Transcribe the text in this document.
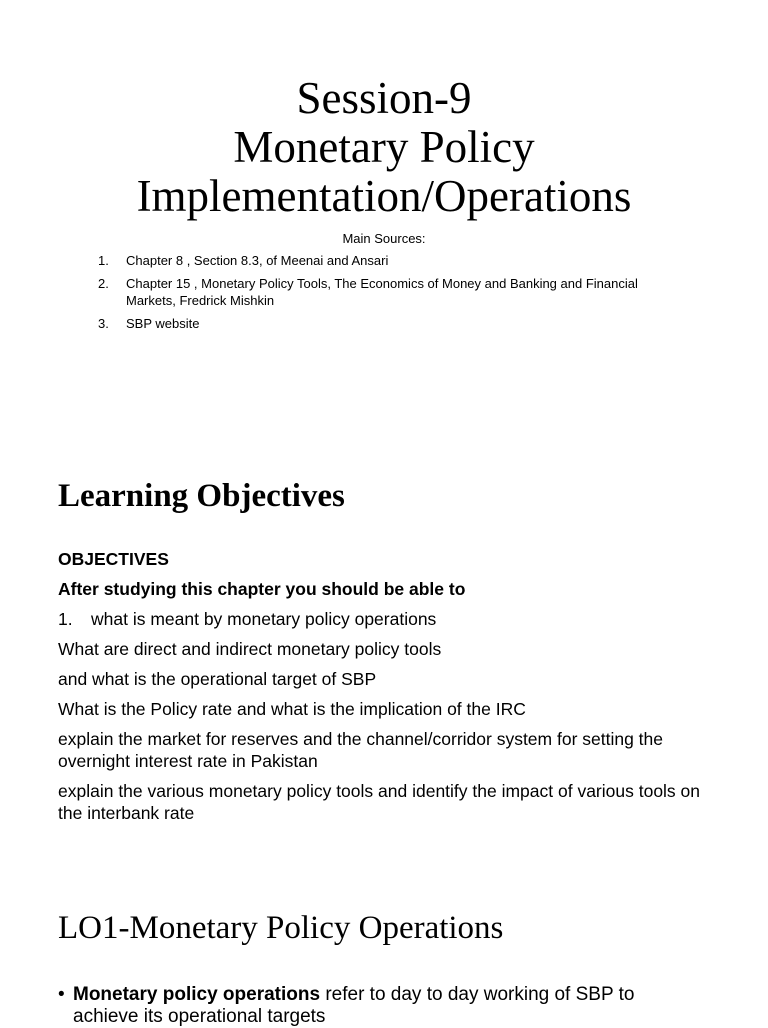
Session-9
Monetary Policy
Implementation/Operations
Main Sources:
1. Chapter 8 , Section 8.3, of Meenai and Ansari
2. Chapter 15 , Monetary Policy Tools, The Economics of Money and Banking and Financial Markets, Fredrick Mishkin
3. SBP website
Learning Objectives
OBJECTIVES
After studying this chapter you should be able to
1. what is meant by monetary policy operations
What are direct and indirect monetary policy tools
and what is the operational target of SBP
What is the Policy rate and what is the implication of the IRC
explain the market for reserves and the channel/corridor system for setting the overnight interest rate in Pakistan
explain the various monetary policy tools and identify the impact of various tools on the interbank rate
LO1-Monetary Policy Operations
• Monetary policy operations refer to day to day working of SBP to achieve its operational targets
